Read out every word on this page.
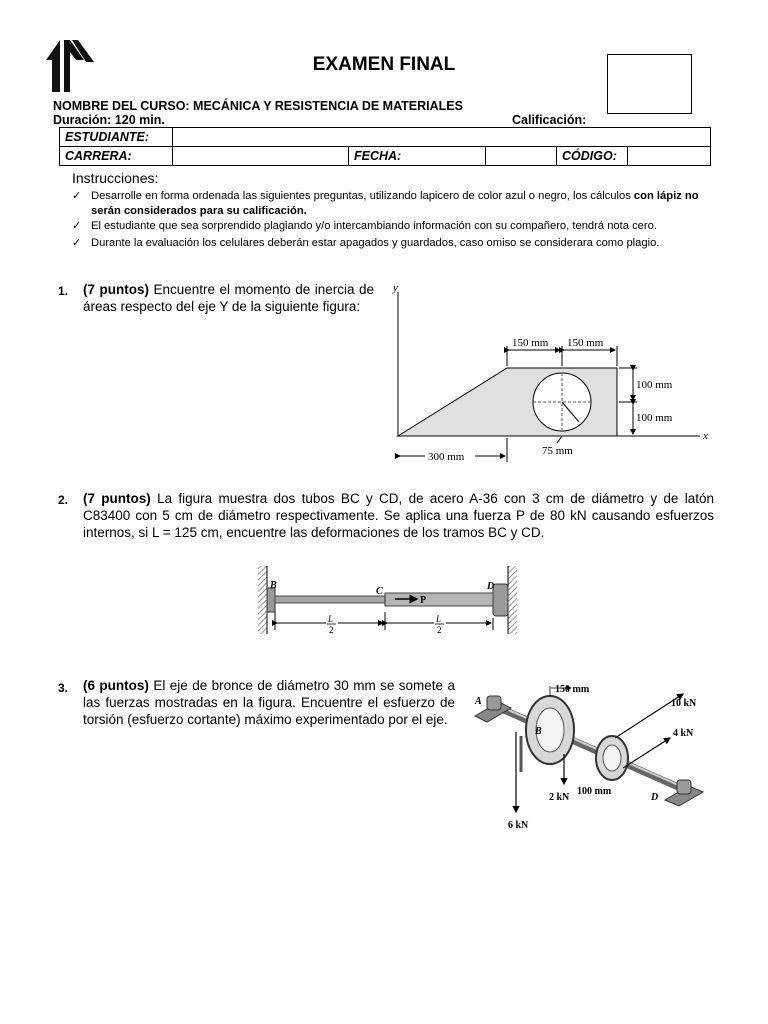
EXAMEN FINAL
NOMBRE DEL CURSO: MECÁNICA Y RESISTENCIA DE MATERIALES
Duración: 120 min.	Calificación:
ESTUDIANTE:					
CARRERA:		FECHA:		CÓDIGO:	
Instrucciones:
✓ Desarrolle en forma ordenada las siguientes preguntas, utilizando lapicero de color azul o negro, los cálculos con lápiz no serán considerados para su calificación.
✓ El estudiante que sea sorprendido plagiando y/o intercambiando información con su compañero, tendrá nota cero.
✓ Durante la evaluación los celulares deberán estar apagados y guardados, caso omiso se considerara como plagio.
1.	(7 puntos) Encuentre el momento de inercia de áreas respecto del eje Y de la siguiente figura:
y
x
150 mm 150 mm
100 mm
100 mm
300 mm	75 mm
2.	(7 puntos) La figura muestra dos tubos BC y CD, de acero A-36 con 3 cm de diámetro y de latón C83400 con 5 cm de diámetro respectivamente. Se aplica una fuerza P de 80 kN causando esfuerzos internos, si L = 125 cm, encuentre las deformaciones de los tramos BC y CD.
B
C	D
P
L
2
L
2
3.	(6 puntos) El eje de bronce de diámetro 30 mm se somete a las fuerzas mostradas en la figura. Encuentre el esfuerzo de torsión (esfuerzo cortante) máximo experimentado por el eje.
A
B
D
150 mm
100 mm
10 kN
4 kN
2 kN
6 kN
